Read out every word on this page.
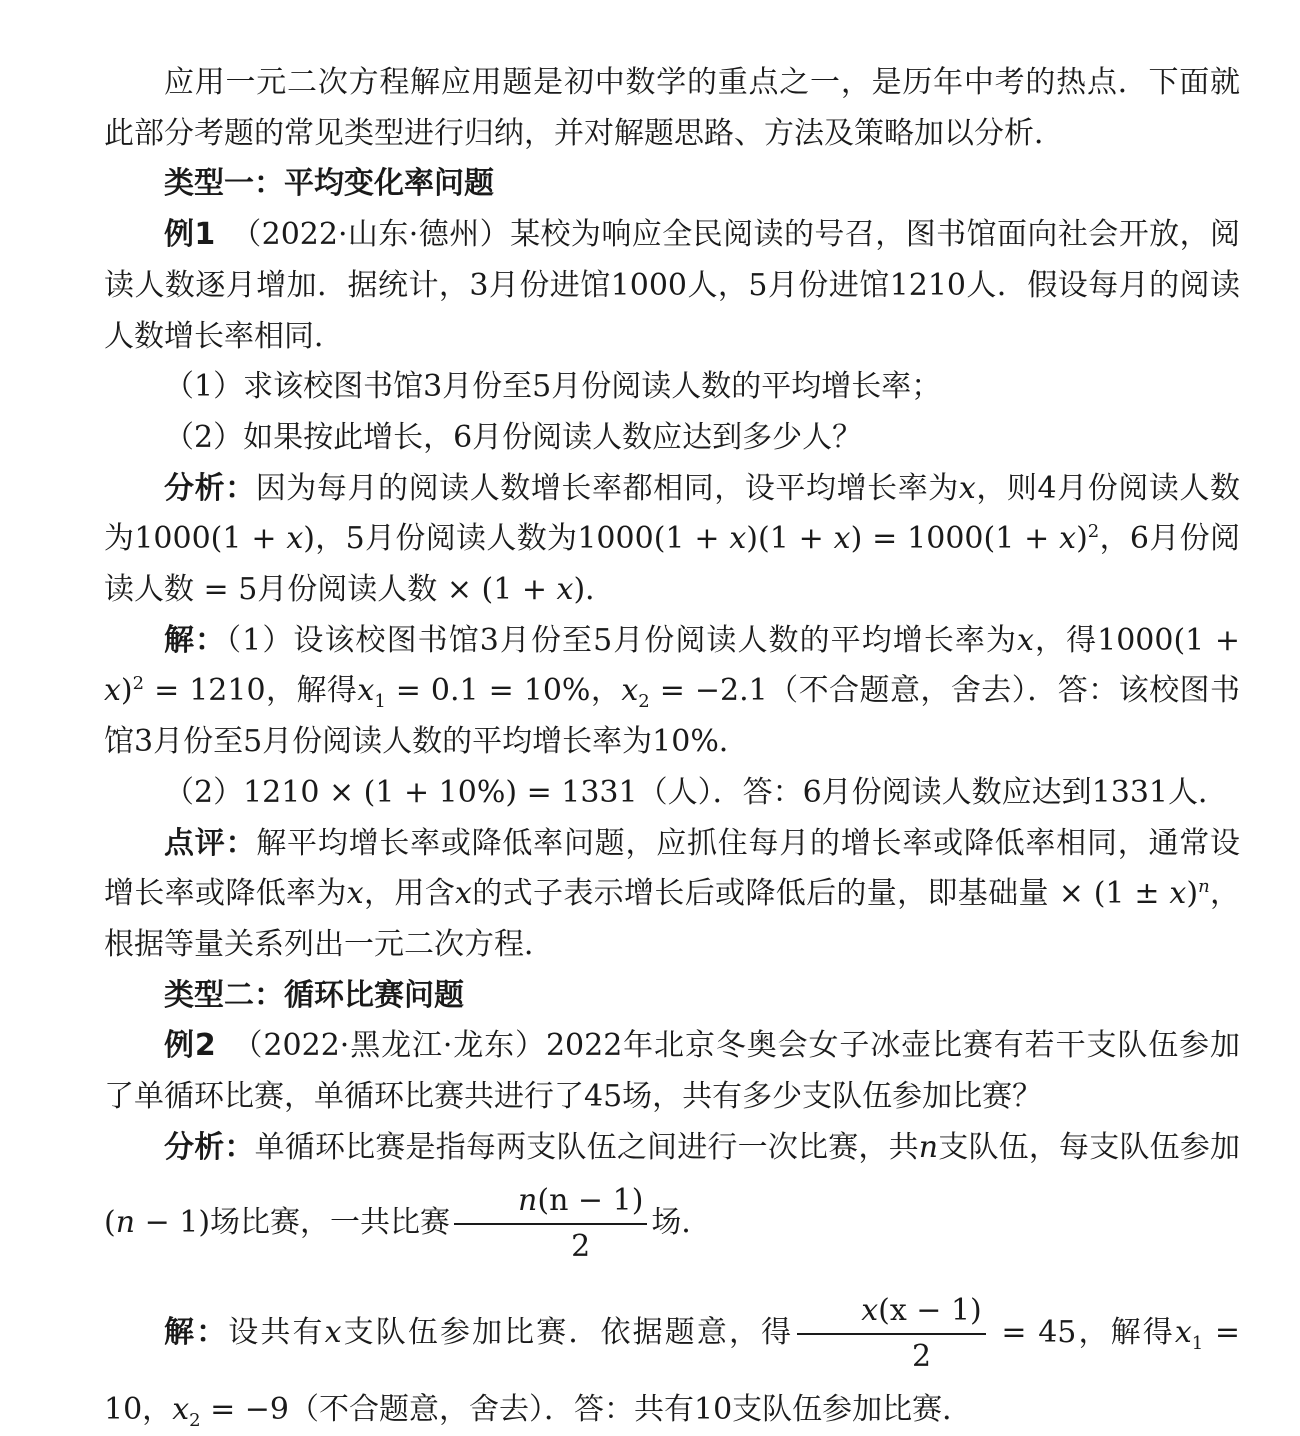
应用一元二次方程解应用题是初中数学的重点之一，是历年中考的热点．下面就此部分考题的常见类型进行归纳，并对解题思路、方法及策略加以分析．

类型一：平均变化率问题

例1　 （2022·山东·德州）某校为响应全民阅读的号召，图书馆面向社会开放，阅读人数逐月增加．据统计，3月份进馆1000人，5月份进馆1210人．假设每月的阅读人数增长率相同．

（1）求该校图书馆3月份至5月份阅读人数的平均增长率；

（2）如果按此增长，6月份阅读人数应达到多少人？

分析：因为每月的阅读人数增长率都相同，设平均增长率为x，则4月份阅读人数为1000(1 + x)，5月份阅读人数为$1000(1 + x)(1 + x) = 1000(1 + x)^2$，6月份阅读人数 = 5月份阅读人数 × (1 + x)．

解：（1）设该校图书馆3月份至5月份阅读人数的平均增长率为x，得$1000(1 + x)^2 = 1210$，解得$x_1 = 0.1 = 10\%$，$x_2 = -2.1$（不合题意，舍去）．答：该校图书馆3月份至5月份阅读人数的平均增长率为10%．

（2）1210 × (1 + 10%) = 1331（人）．答：6月份阅读人数应达到1331人．

点评：解平均增长率或降低率问题，应抓住每月的增长率或降低率相同，通常设增长率或降低率为x，用含x的式子表示增长后或降低后的量，即基础量 × $(1 \pm x)^n$，根据等量关系列出一元二次方程．

类型二：循环比赛问题

例2　 （2022·黑龙江·龙东）2022年北京冬奥会女子冰壶比赛有若干支队伍参加了单循环比赛，单循环比赛共进行了45场，共有多少支队伍参加比赛？

分析：单循环比赛是指每两支队伍之间进行一次比赛，共n支队伍，每支队伍参加(n − 1)场比赛，一共比赛 $\frac{n(n - 1)}{2}$ 场．

解：设共有x支队伍参加比赛．依据题意，得 $\frac{x(x - 1)}{2} = 45$，解得$x_1 = 10$，$x_2 = -9$（不合题意，舍去）．答：共有10支队伍参加比赛．
